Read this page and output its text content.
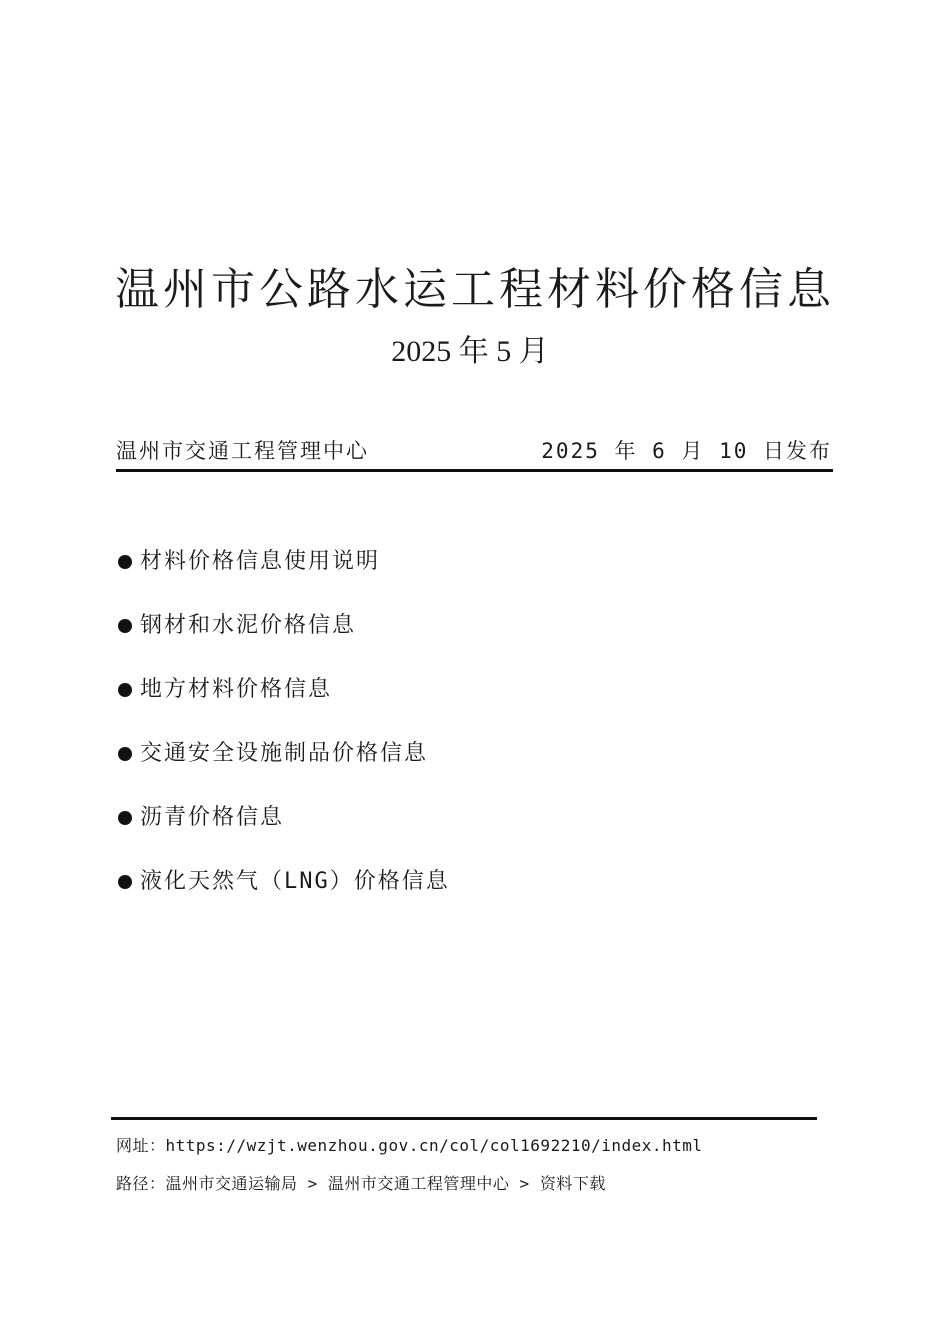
温州市公路水运工程材料价格信息
2025 年 5 月
温州市交通工程管理中心	2025 年 6 月 10 日发布
材料价格信息使用说明
钢材和水泥价格信息
地方材料价格信息
交通安全设施制品价格信息
沥青价格信息
液化天然气（LNG）价格信息
网址：https://wzjt.wenzhou.gov.cn/col/col1692210/index.html
路径：温州市交通运输局 > 温州市交通工程管理中心 > 资料下载
